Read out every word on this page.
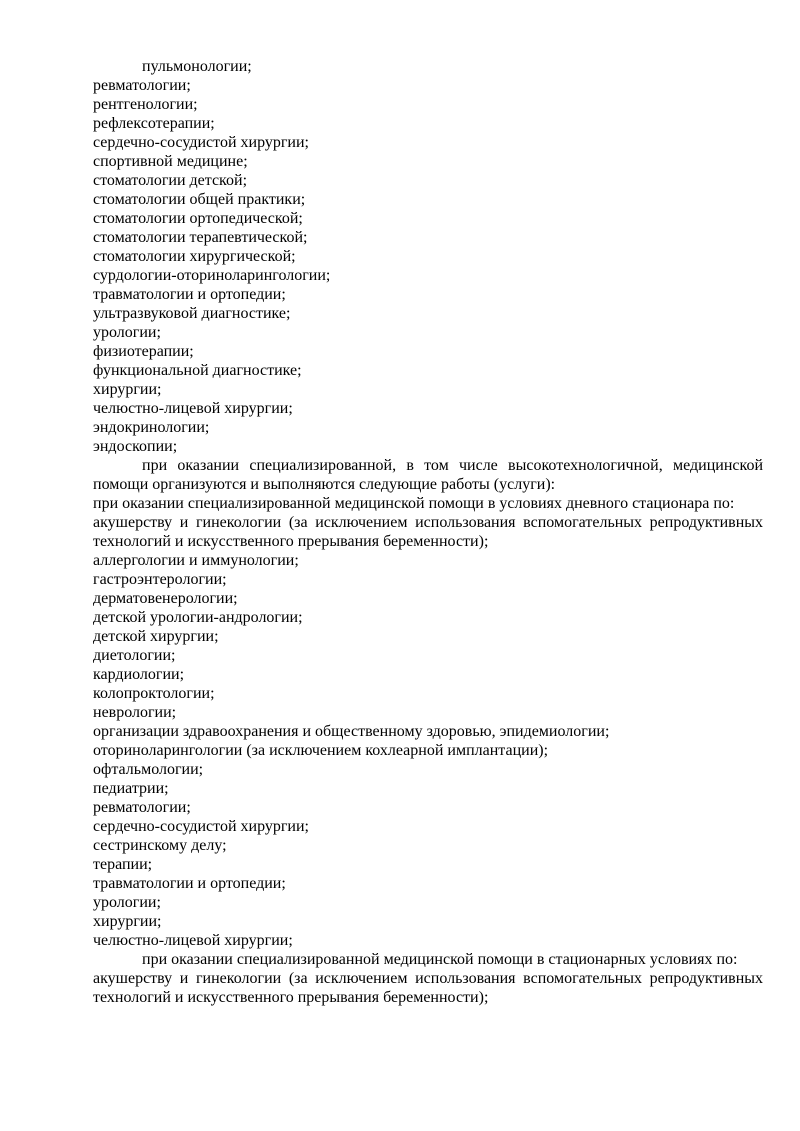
пульмонологии;
ревматологии;
рентгенологии;
рефлексотерапии;
сердечно-сосудистой хирургии;
спортивной медицине;
стоматологии детской;
стоматологии общей практики;
стоматологии ортопедической;
стоматологии терапевтической;
стоматологии хирургической;
сурдологии-оториноларингологии;
травматологии и ортопедии;
ультразвуковой диагностике;
урологии;
физиотерапии;
функциональной диагностике;
хирургии;
челюстно-лицевой хирургии;
эндокринологии;
эндоскопии;
при оказании специализированной, в том числе высокотехнологичной, медицинской
помощи организуются и выполняются следующие работы (услуги):
при оказании специализированной медицинской помощи в условиях дневного стационара по:
акушерству и гинекологии (за исключением использования вспомогательных репродуктивных
технологий и искусственного прерывания беременности);
аллергологии и иммунологии;
гастроэнтерологии;
дерматовенерологии;
детской урологии-андрологии;
детской хирургии;
диетологии;
кардиологии;
колопроктологии;
неврологии;
организации здравоохранения и общественному здоровью, эпидемиологии;
оториноларингологии (за исключением кохлеарной имплантации);
офтальмологии;
педиатрии;
ревматологии;
сердечно-сосудистой хирургии;
сестринскому делу;
терапии;
травматологии и ортопедии;
урологии;
хирургии;
челюстно-лицевой хирургии;
при оказании специализированной медицинской помощи в стационарных условиях по:
акушерству и гинекологии (за исключением использования вспомогательных репродуктивных
технологий и искусственного прерывания беременности);
